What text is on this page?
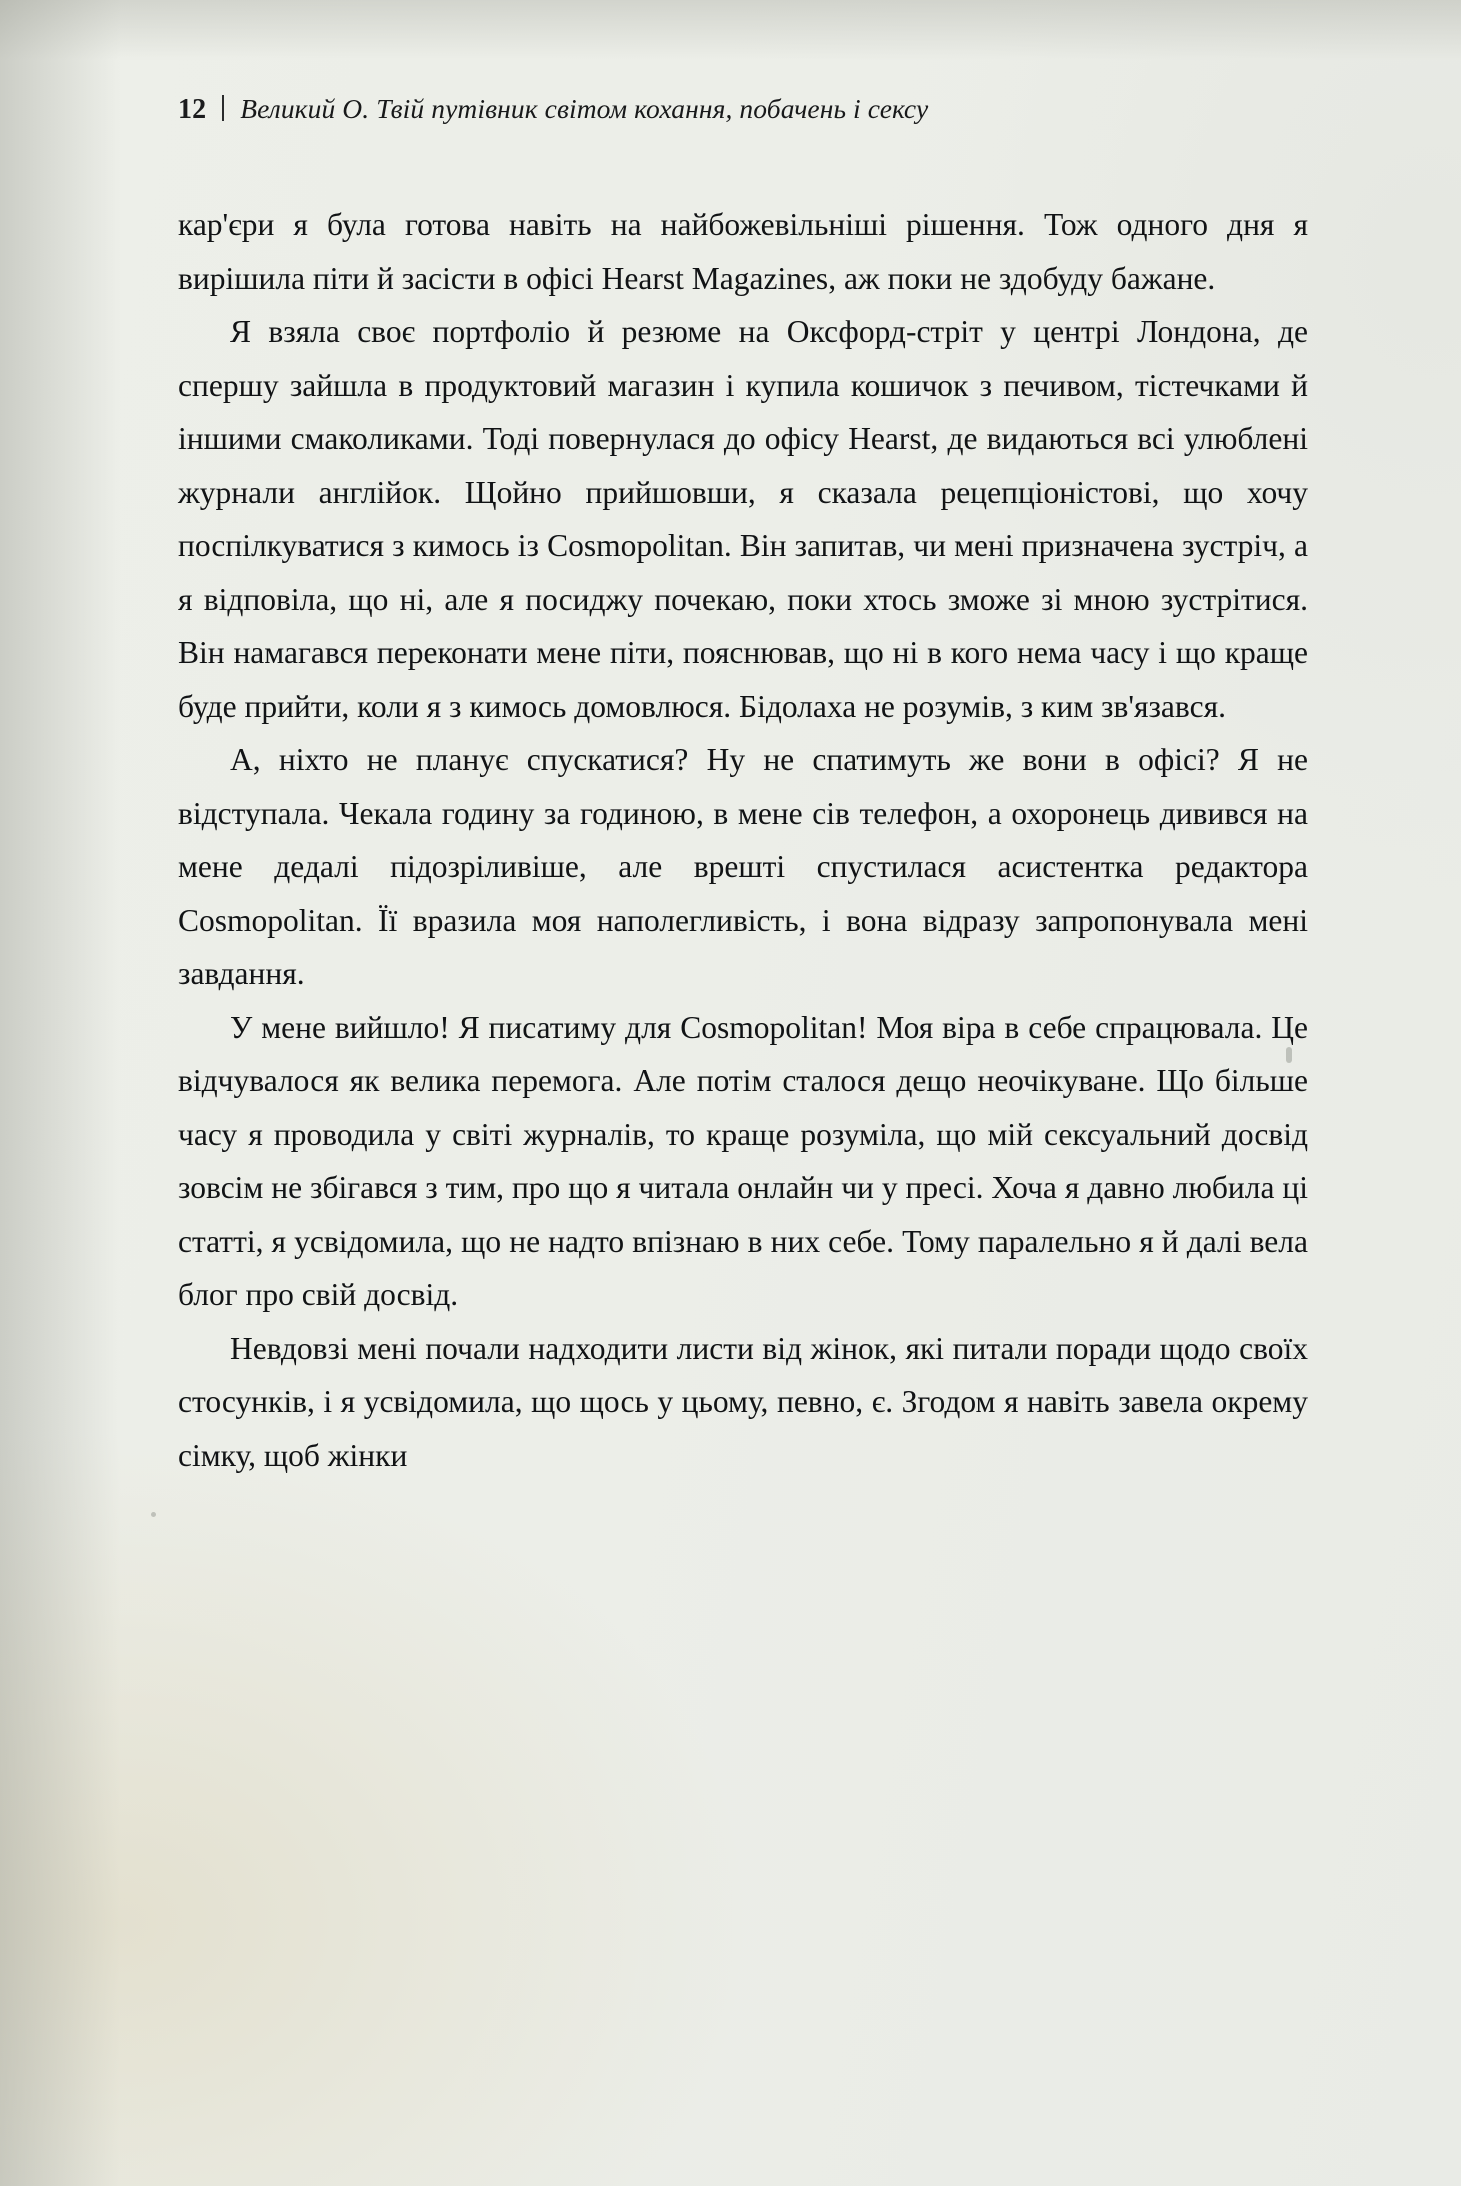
12 Великий О. Твій путівник світом кохання, побачень і сексу

кар'єри я була готова навіть на найбожевільніші рішення. Тож одного дня я вирішила піти й засісти в офісі Hearst Magazines, аж поки не здобуду бажане.

Я взяла своє портфоліо й резюме на Оксфорд-стріт у центрі Лондона, де спершу зайшла в продуктовий магазин і купила кошичок з печивом, тістечками й іншими смаколиками. Тоді повернулася до офісу Hearst, де видаються всі улюблені журнали англійок. Щойно прийшовши, я сказала рецепціоністові, що хочу поспілкуватися з кимось із Cosmopolitan. Він запитав, чи мені призначена зустріч, а я відповіла, що ні, але я посиджу почекаю, поки хтось зможе зі мною зустрітися. Він намагався переконати мене піти, пояснював, що ні в кого нема часу і що краще буде прийти, коли я з кимось домовлюся. Бідолаха не розумів, з ким зв'язався.

А, ніхто не планує спускатися? Ну не спатимуть же вони в офісі? Я не відступала. Чекала годину за годиною, в мене сів телефон, а охоронець дивився на мене дедалі підозріливіше, але врешті спустилася асистентка редактора Cosmopolitan. Її вразила моя наполегливість, і вона відразу запропонувала мені завдання.

У мене вийшло! Я писатиму для Cosmopolitan! Моя віра в себе спрацювала. Це відчувалося як велика перемога. Але потім сталося дещо неочікуване. Що більше часу я проводила у світі журналів, то краще розуміла, що мій сексуальний досвід зовсім не збігався з тим, про що я читала онлайн чи у пресі. Хоча я давно любила ці статті, я усвідомила, що не надто впізнаю в них себе. Тому паралельно я й далі вела блог про свій досвід.

Невдовзі мені почали надходити листи від жінок, які питали поради щодо своїх стосунків, і я усвідомила, що щось у цьому, певно, є. Згодом я навіть завела окрему сімку, щоб жінки
